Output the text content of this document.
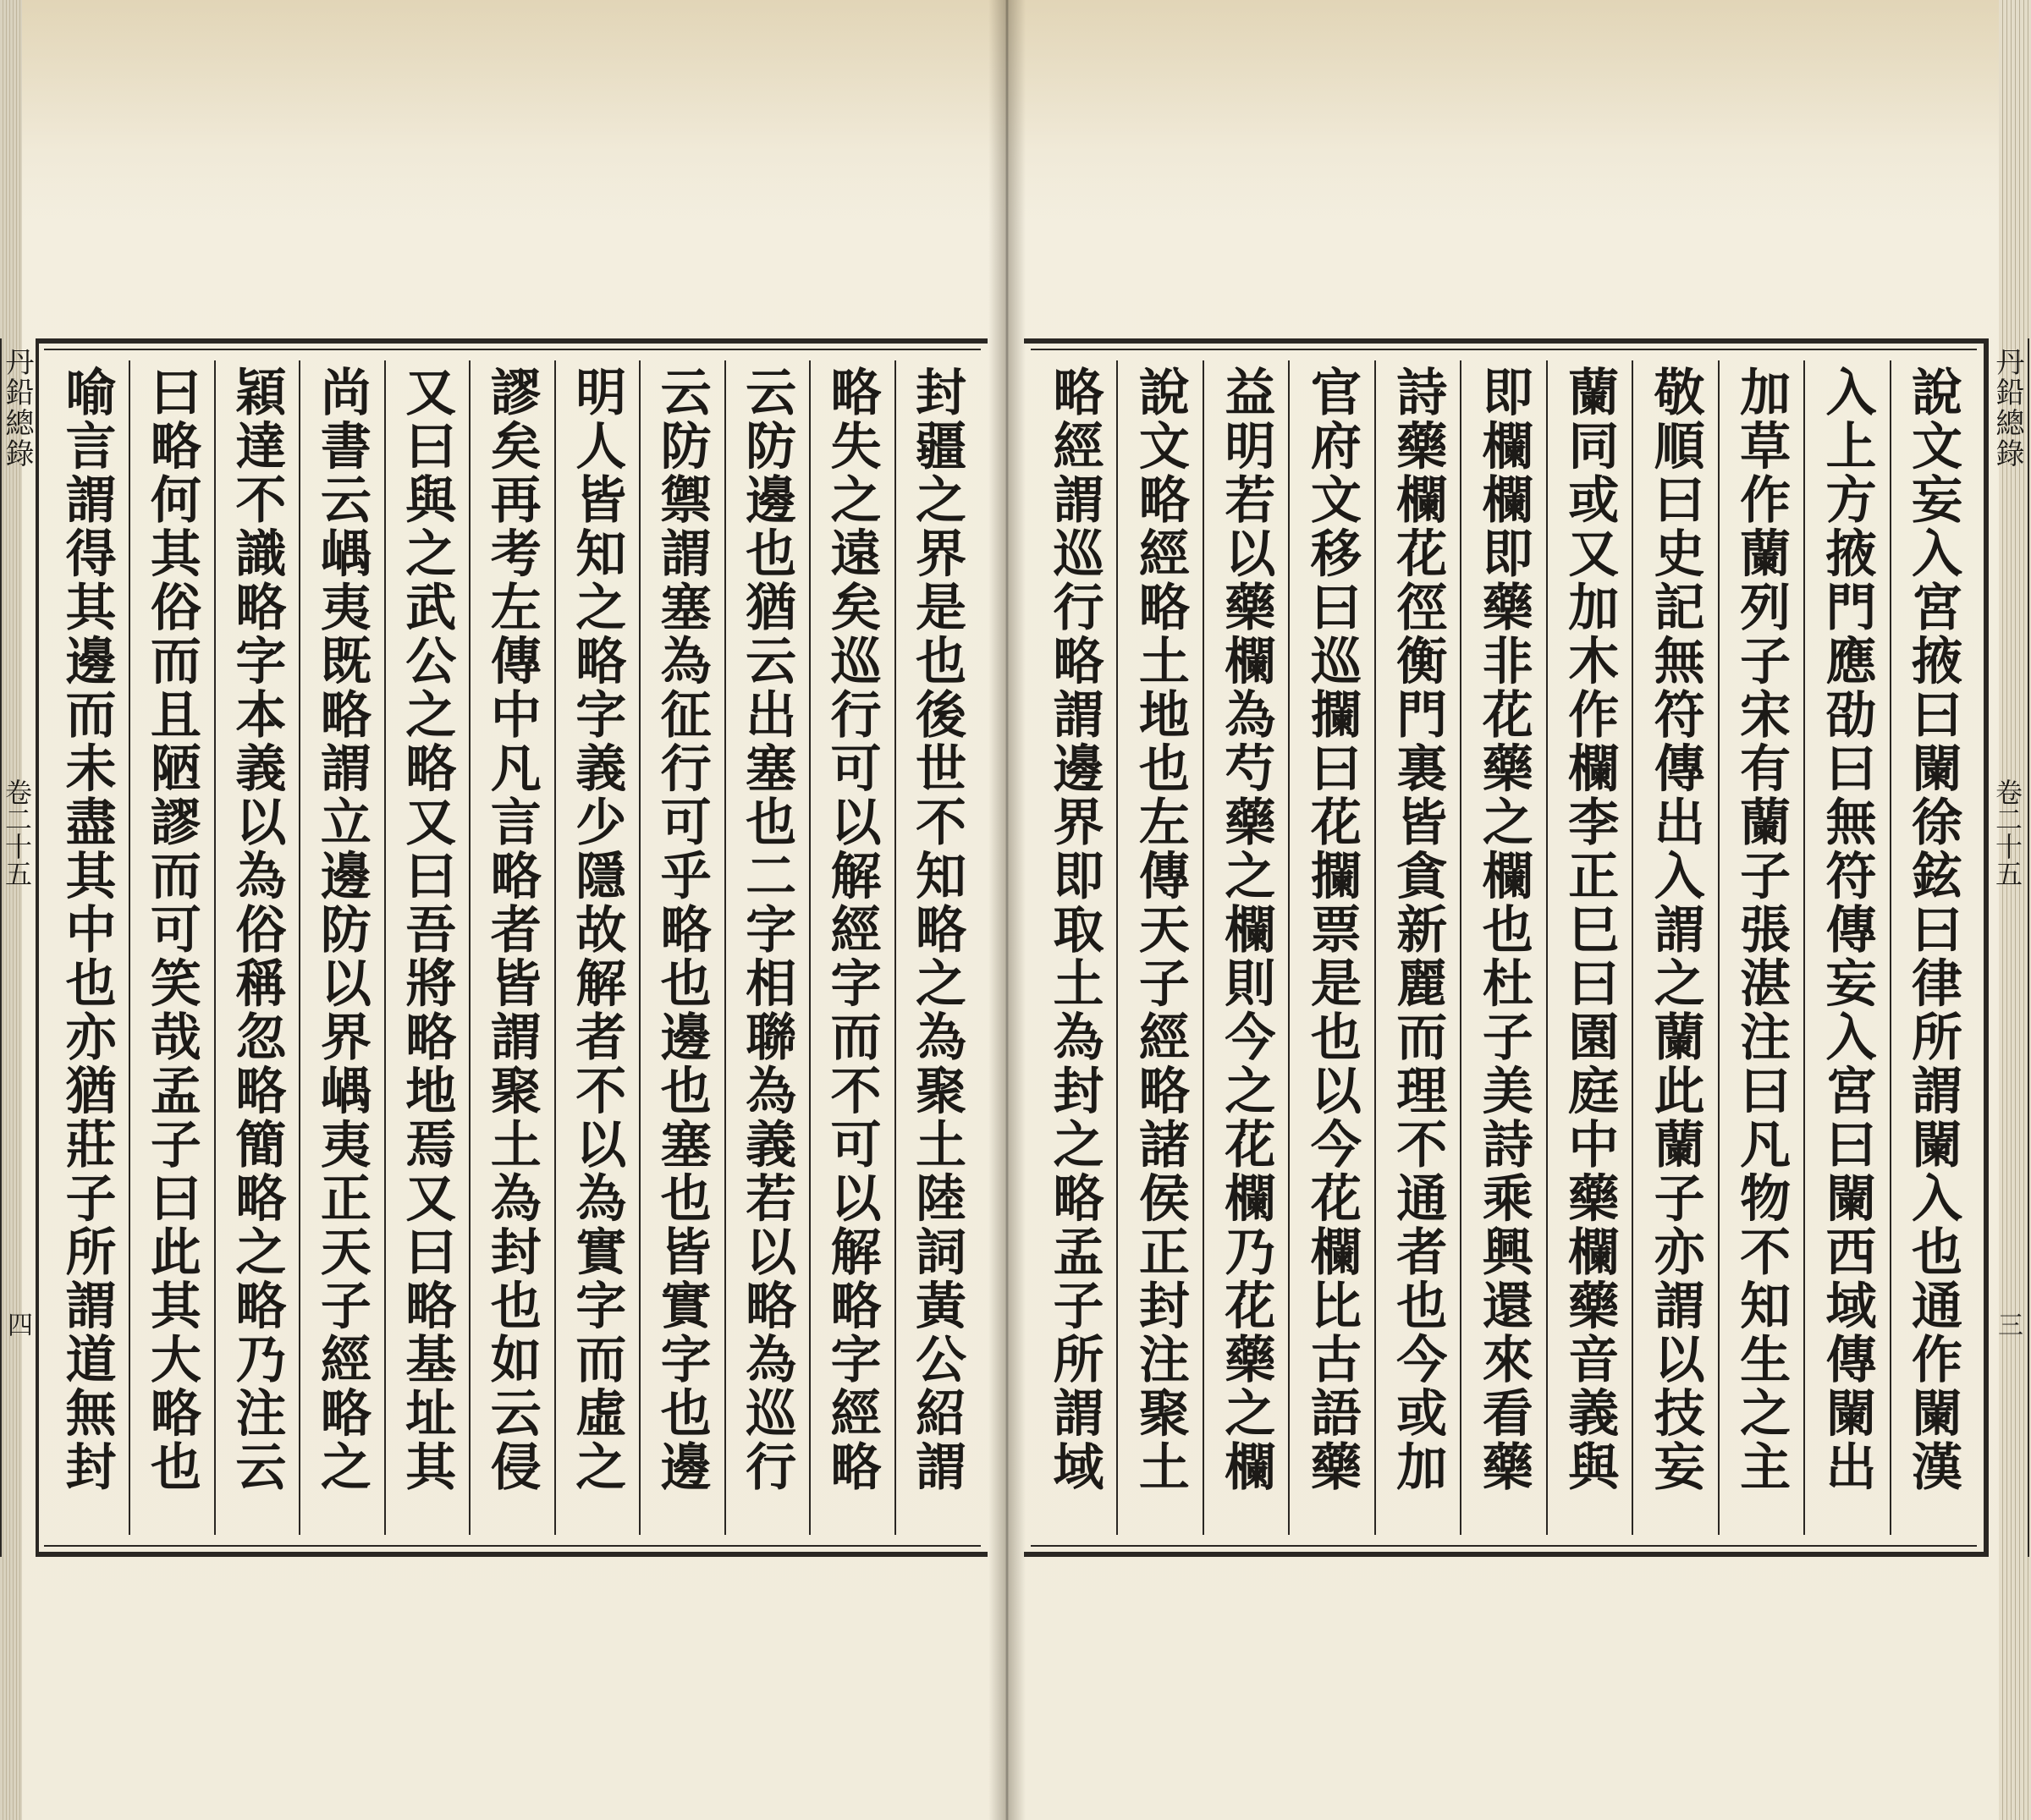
丹鉛總錄
卷二十五
四
封疆之界是也後世不知略之為聚土陸詞黃公紹謂
略失之遠矣巡行可以解經字而不可以解略字經略
云防邊也猶云出塞也二字相聯為義若以略為巡行
云防禦謂塞為征行可乎略也邊也塞也皆實字也邊
明人皆知之略字義少隱故解者不以為實字而虛之
謬矣再考左傳中凡言略者皆謂聚土為封也如云侵
又曰與之武公之略又曰吾將略地焉又曰略基址其
尚書云嵎夷既略謂立邊防以界嵎夷正天子經略之
穎達不識略字本義以為俗稱忽略簡略之略乃注云
曰略何其俗而且陋謬而可笑哉孟子曰此其大略也
喻言謂得其邊而未盡其中也亦猶莊子所謂道無封
說文妄入宮掖曰闌徐鉉曰律所謂闌入也通作闌漢
入上方掖門應劭曰無符傳妄入宮曰闌西域傳闌出
加草作蘭列子宋有蘭子張湛注曰凡物不知生之主
敬順曰史記無符傳出入謂之蘭此蘭子亦謂以技妄
蘭同或又加木作欄李正巳曰園庭中藥欄藥音義與
即欄欄即藥非花藥之欄也杜子美詩乘興還來看藥
詩藥欄花徑衡門裏皆貪新麗而理不通者也今或加
官府文移曰巡攔曰花攔票是也以今花欄比古語藥
益明若以藥欄為芍藥之欄則今之花欄乃花藥之欄
說文略經略土地也左傳天子經略諸侯正封注聚土
略經謂巡行略謂邊界即取土為封之略孟子所謂域
丹鉛總錄
卷二十五
三
